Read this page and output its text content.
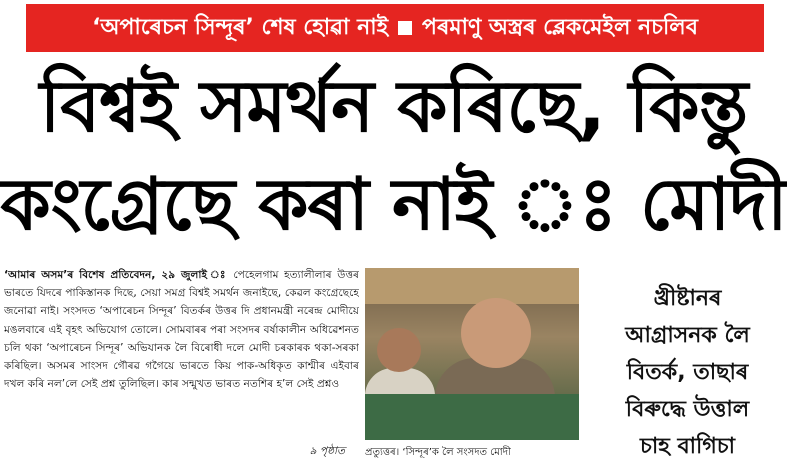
‘অপাৰেচন সিন্দূৰ’ শেষ হোৱা নাই পৰমাণু অস্ত্ৰৰ ব্লেকমেইল নচলিব
বিশ্বই সমৰ্থন কৰিছে, কিন্তু
কংগ্ৰেছে কৰা নাই ঃ মোদী
‘আমাৰ অসম’ৰ বিশেষ প্ৰতিবেদন, ২৯ জুলাই ঃ পেহেলগাম হত্যালীলাৰ উত্তৰ ভাৰতে যিদৰে পাকিস্তানক দিছে, সেয়া সমগ্ৰ বিশ্বই সমৰ্থন জনাইছে, কেৱল কংগ্ৰেছেহে জনোৱা নাই। সংসদত ‘অপাৰেচন সিন্দূৰ’ বিতৰ্কৰ উত্তৰ দি প্ৰধানমন্ত্ৰী নৰেন্দ্ৰ মোদীয়ে মঙলবাৰে এই বৃহৎ অভিযোগ তোলে। সোমবাৰৰ পৰা সংসদৰ বৰ্ষাকালীন অধিৱেশনত চলি থকা ‘অপাৰেচন সিন্দূৰ’ অভিযানক লৈ বিৰোধী দলে মোদী চৰকাৰক থকা-সৰকা কৰিছিল। অসমৰ সাংসদ গৌৰৱ গগৈয়ে ভাৰতে কিয় পাক-অধিকৃত কাশ্মীৰ এইবাৰ দখল কৰি নল’লে সেই প্ৰশ্ন তুলিছিল। কাৰ সন্মুখত ভাৰত নতশিৰ হ’ল সেই প্ৰশ্নও
৯ পৃষ্ঠাত প্ৰত্যুত্তৰ। ‘সিন্দূৰ’ক লৈ সংসদত মোদী
খ্ৰীষ্টানৰ
আগ্ৰাসনক লৈ
বিতৰ্ক, তাছাৰ
বিৰুদ্ধে উত্তাল
চাহ বাগিচা
